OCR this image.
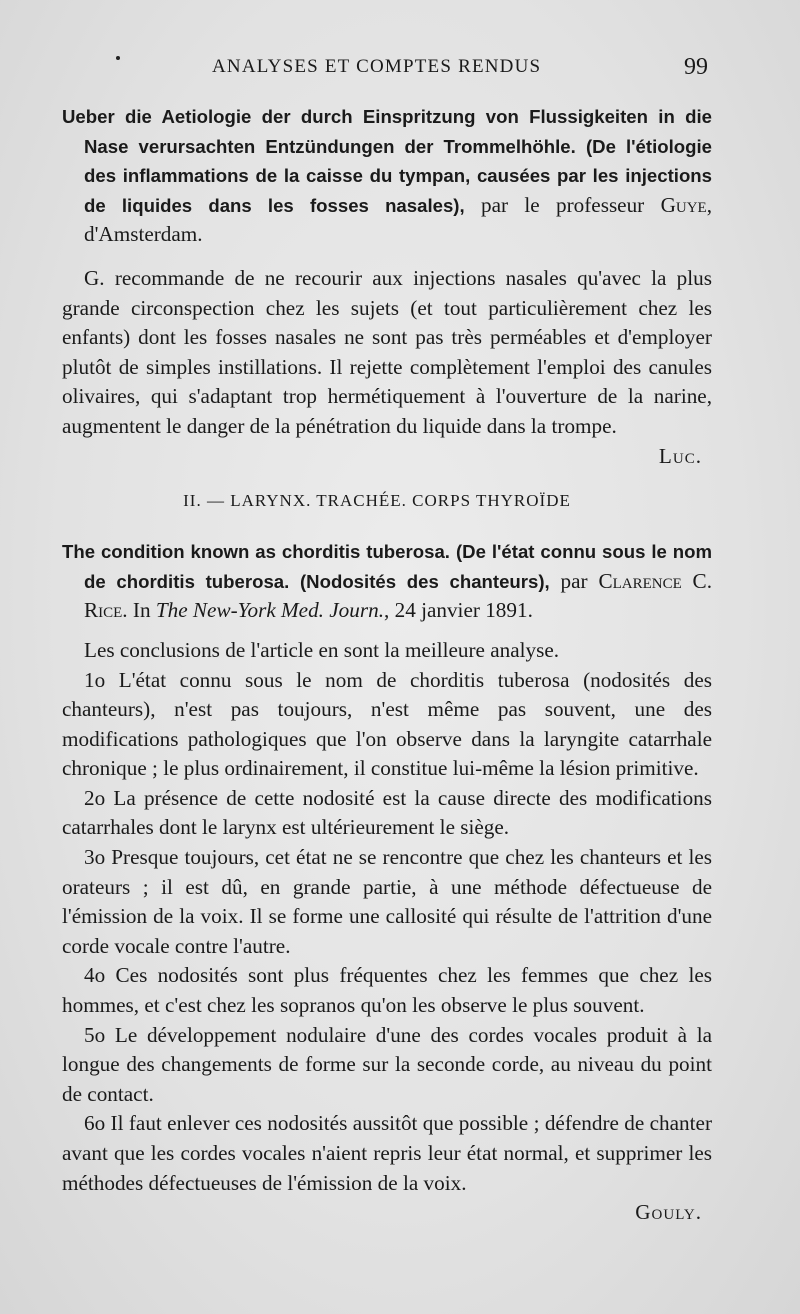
ANALYSES ET COMPTES RENDUS	99

Ueber die Aetiologie der durch Einspritzung von Flussigkeiten in die Nase verursachten Entzündungen der Trommelhöhle. (De l'étiologie des inflammations de la caisse du tympan, causées par les injections de liquides dans les fosses nasales), par le professeur Guye, d'Amsterdam.

G. recommande de ne recourir aux injections nasales qu'avec la plus grande circonspection chez les sujets (et tout particulièrement chez les enfants) dont les fosses nasales ne sont pas très perméables et d'employer plutôt de simples instillations. Il rejette complètement l'emploi des canules olivaires, qui s'adaptant trop hermétiquement à l'ouverture de la narine, augmentent le danger de la pénétration du liquide dans la trompe.

Luc.

II. — LARYNX. TRACHÉE. CORPS THYROÏDE

The condition known as chorditis tuberosa. (De l'état connu sous le nom de chorditis tuberosa. (Nodosités des chanteurs), par Clarence C. Rice. In The New-York Med. Journ., 24 janvier 1891.

Les conclusions de l'article en sont la meilleure analyse.

1o L'état connu sous le nom de chorditis tuberosa (nodosités des chanteurs), n'est pas toujours, n'est même pas souvent, une des modifications pathologiques que l'on observe dans la laryngite catarrhale chronique ; le plus ordinairement, il constitue lui-même la lésion primitive.

2o La présence de cette nodosité est la cause directe des modifications catarrhales dont le larynx est ultérieurement le siège.

3o Presque toujours, cet état ne se rencontre que chez les chanteurs et les orateurs ; il est dû, en grande partie, à une méthode défectueuse de l'émission de la voix. Il se forme une callosité qui résulte de l'attrition d'une corde vocale contre l'autre.

4o Ces nodosités sont plus fréquentes chez les femmes que chez les hommes, et c'est chez les sopranos qu'on les observe le plus souvent.

5o Le développement nodulaire d'une des cordes vocales produit à la longue des changements de forme sur la seconde corde, au niveau du point de contact.

6o Il faut enlever ces nodosités aussitôt que possible ; défendre de chanter avant que les cordes vocales n'aient repris leur état normal, et supprimer les méthodes défectueuses de l'émission de la voix.

Gouly.
